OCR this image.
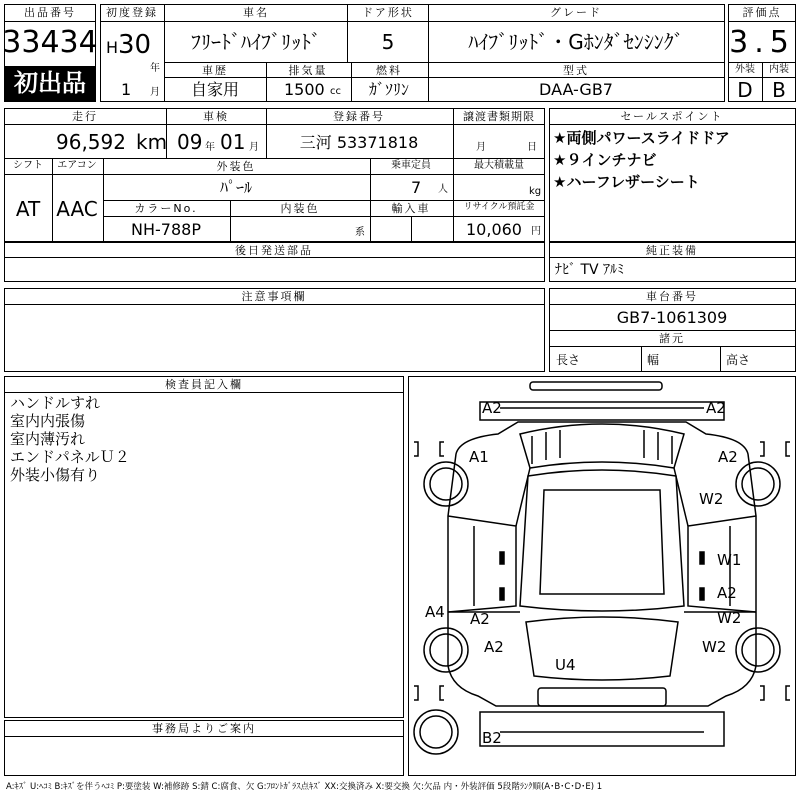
出品番号
33434
初出品
初度登録
H 30
年
1 月
車名
ﾌﾘｰﾄﾞﾊｲﾌﾞﾘｯﾄﾞ
ドア形状
5
グレード
ﾊｲﾌﾞﾘｯﾄﾞ・Gﾎﾝﾀﾞｾﾝｼﾝｸﾞ
車歴
自家用
排気量
1500 cc
燃料
ｶﾞｿﾘﾝ
型式
DAA-GB7
評価点
3.5
外装 内装
D B
走行
96,592 km
車検
09 年 01 月
登録番号
三河 53371818
譲渡書類期限
月	日
シフト
AT
エアコン
AAC
外装色
ﾊﾟｰﾙ
乗車定員
7 人
最大積載量
kg
カラーNo.
NH-788P
内装色
系
輸入車	リサイクル預託金
10,060 円
後日発送部品
セールスポイント
★両側パワースライドドア
★９インチナビ
★ハーフレザーシート
純正装備
ﾅﾋﾞ TV ｱﾙﾐ
注意事項欄	車台番号
GB7-1061309
諸元
長さ	幅	高さ
検査員記入欄
ハンドルすれ
室内内張傷
室内薄汚れ
エンドパネルＵ２
外装小傷有り
事務局よりご案内
A2	A2
A1	A2
W2
W1
A2
W2
A4 A2
A2	W2
U4
B2
A:ｷｽﾞ U:ﾍｺﾐ B:ｷｽﾞを伴うﾍｺﾐ P:要塗装 W:補修跡 S:錆 C:腐食、欠 G:ﾌﾛﾝﾄｶﾞﾗｽ点ｷｽﾞ XX:交換済み X:要交換 欠:欠品 内・外装評価 5段階ﾗﾝｸ順(A･B･C･D･E) 1
